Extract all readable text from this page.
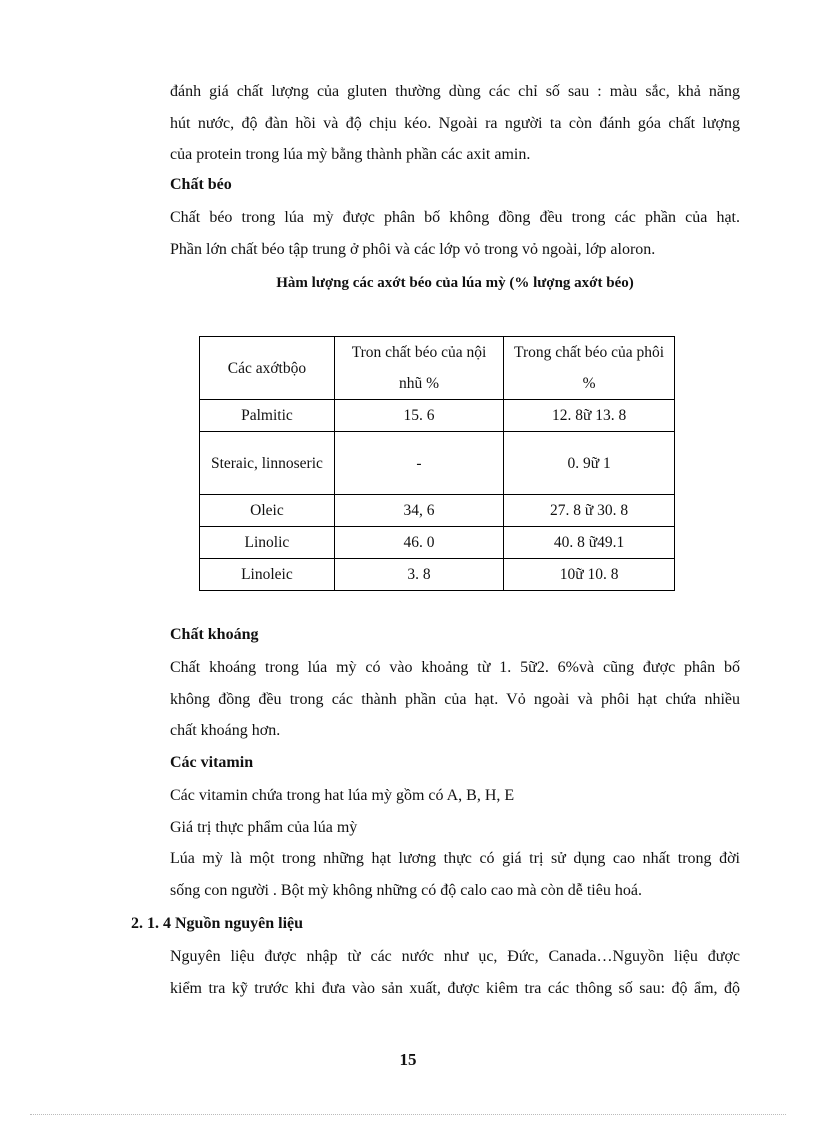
đánh giá chất lượng của gluten thường dùng các chỉ số sau : màu sắc, khả năng
hút nước, độ đàn hồi và độ chịu kéo. Ngoài ra người ta còn đánh góa chất lượng
của protein trong lúa mỳ bằng thành phần các axit amin.

Chất béo

Chất béo trong lúa mỳ được phân bố không đồng đều trong các phần của hạt.
Phần lớn chất béo tập trung ở phôi và các lớp vỏ trong vỏ ngoài, lớp aloron.

Hàm lượng các axớt béo của lúa mỳ (% lượng axớt béo)

Các axớtbộo	Tron chất béo của nội nhũ %	Trong chất béo của phôi %
Palmitic	15. 6	12. 8ữ 13. 8
Steraic, linnoseric	-	0. 9ữ 1
Oleic	34, 6	27. 8 ữ 30. 8
Linolic	46. 0	40. 8 ữ49.1
Linoleic	3. 8	10ữ 10. 8
Chất khoáng

Chất khoáng trong lúa mỳ có vào khoảng từ 1. 5ữ2. 6%và cũng được phân bố
không đồng đều trong các thành phần của hạt. Vỏ ngoài và phôi hạt chứa nhiều
chất khoáng hơn.

Các vitamin

Các vitamin chứa trong hat lúa mỳ gồm có A, B, H, E
Giá trị thực phẩm của lúa mỳ
Lúa mỳ là một trong những hạt lương thực có giá trị sử dụng cao nhất trong đời
sống con người . Bột mỳ không những có độ calo cao mà còn dễ tiêu hoá.

2. 1. 4 Nguồn nguyên liệu

Nguyên liệu được nhập từ các nước như ục, Đức, Canada…Nguyồn liệu được
kiểm tra kỹ trước khi đưa vào sản xuất, được kiêm tra các thông số sau: độ ẩm, độ

15
